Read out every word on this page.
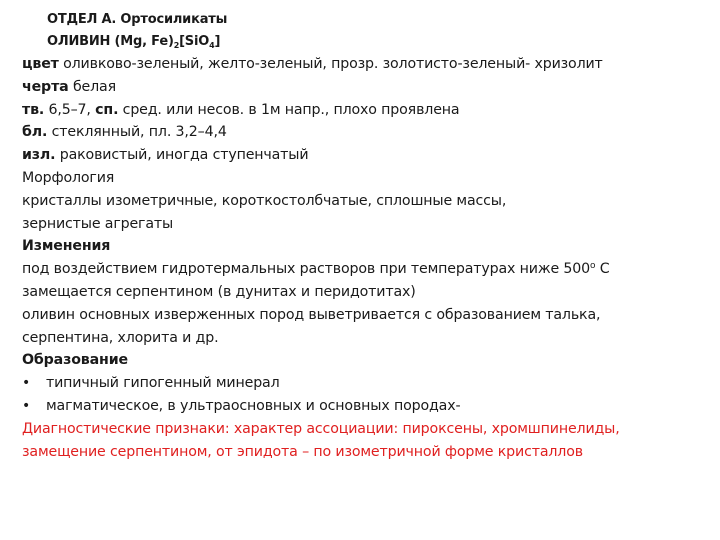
ОТДЕЛ А. Ортосиликаты
ОЛИВИН (Mg, $Fe)_2[SiO_4]$
цвет оливково-зеленый, желто-зеленый, прозр. золотисто-зеленый- хризолит
черта белая
тв. 6,5–7, сп. сред. или несов. в 1м напр., плохо проявлена
бл. стеклянный, пл. 3,2–4,4
изл. раковистый, иногда ступенчатый
Морфология
кристаллы изометричные, короткостолбчатые, сплошные массы,
зернистые агрегаты
Изменения
под воздействием гидротермальных растворов при температурах ниже $500^о$ С
замещается серпентином (в дунитах и перидотитах)
оливин основных изверженных пород выветривается с образованием талька,
серпентина, хлорита и др.
Образование
•	типичный гипогенный минерал
•	магматическое, в ультраосновных и основных породах-
Диагностические признаки: характер ассоциации: пироксены, хромшпинелиды,
замещение серпентином, от эпидота – по изометричной форме кристаллов
